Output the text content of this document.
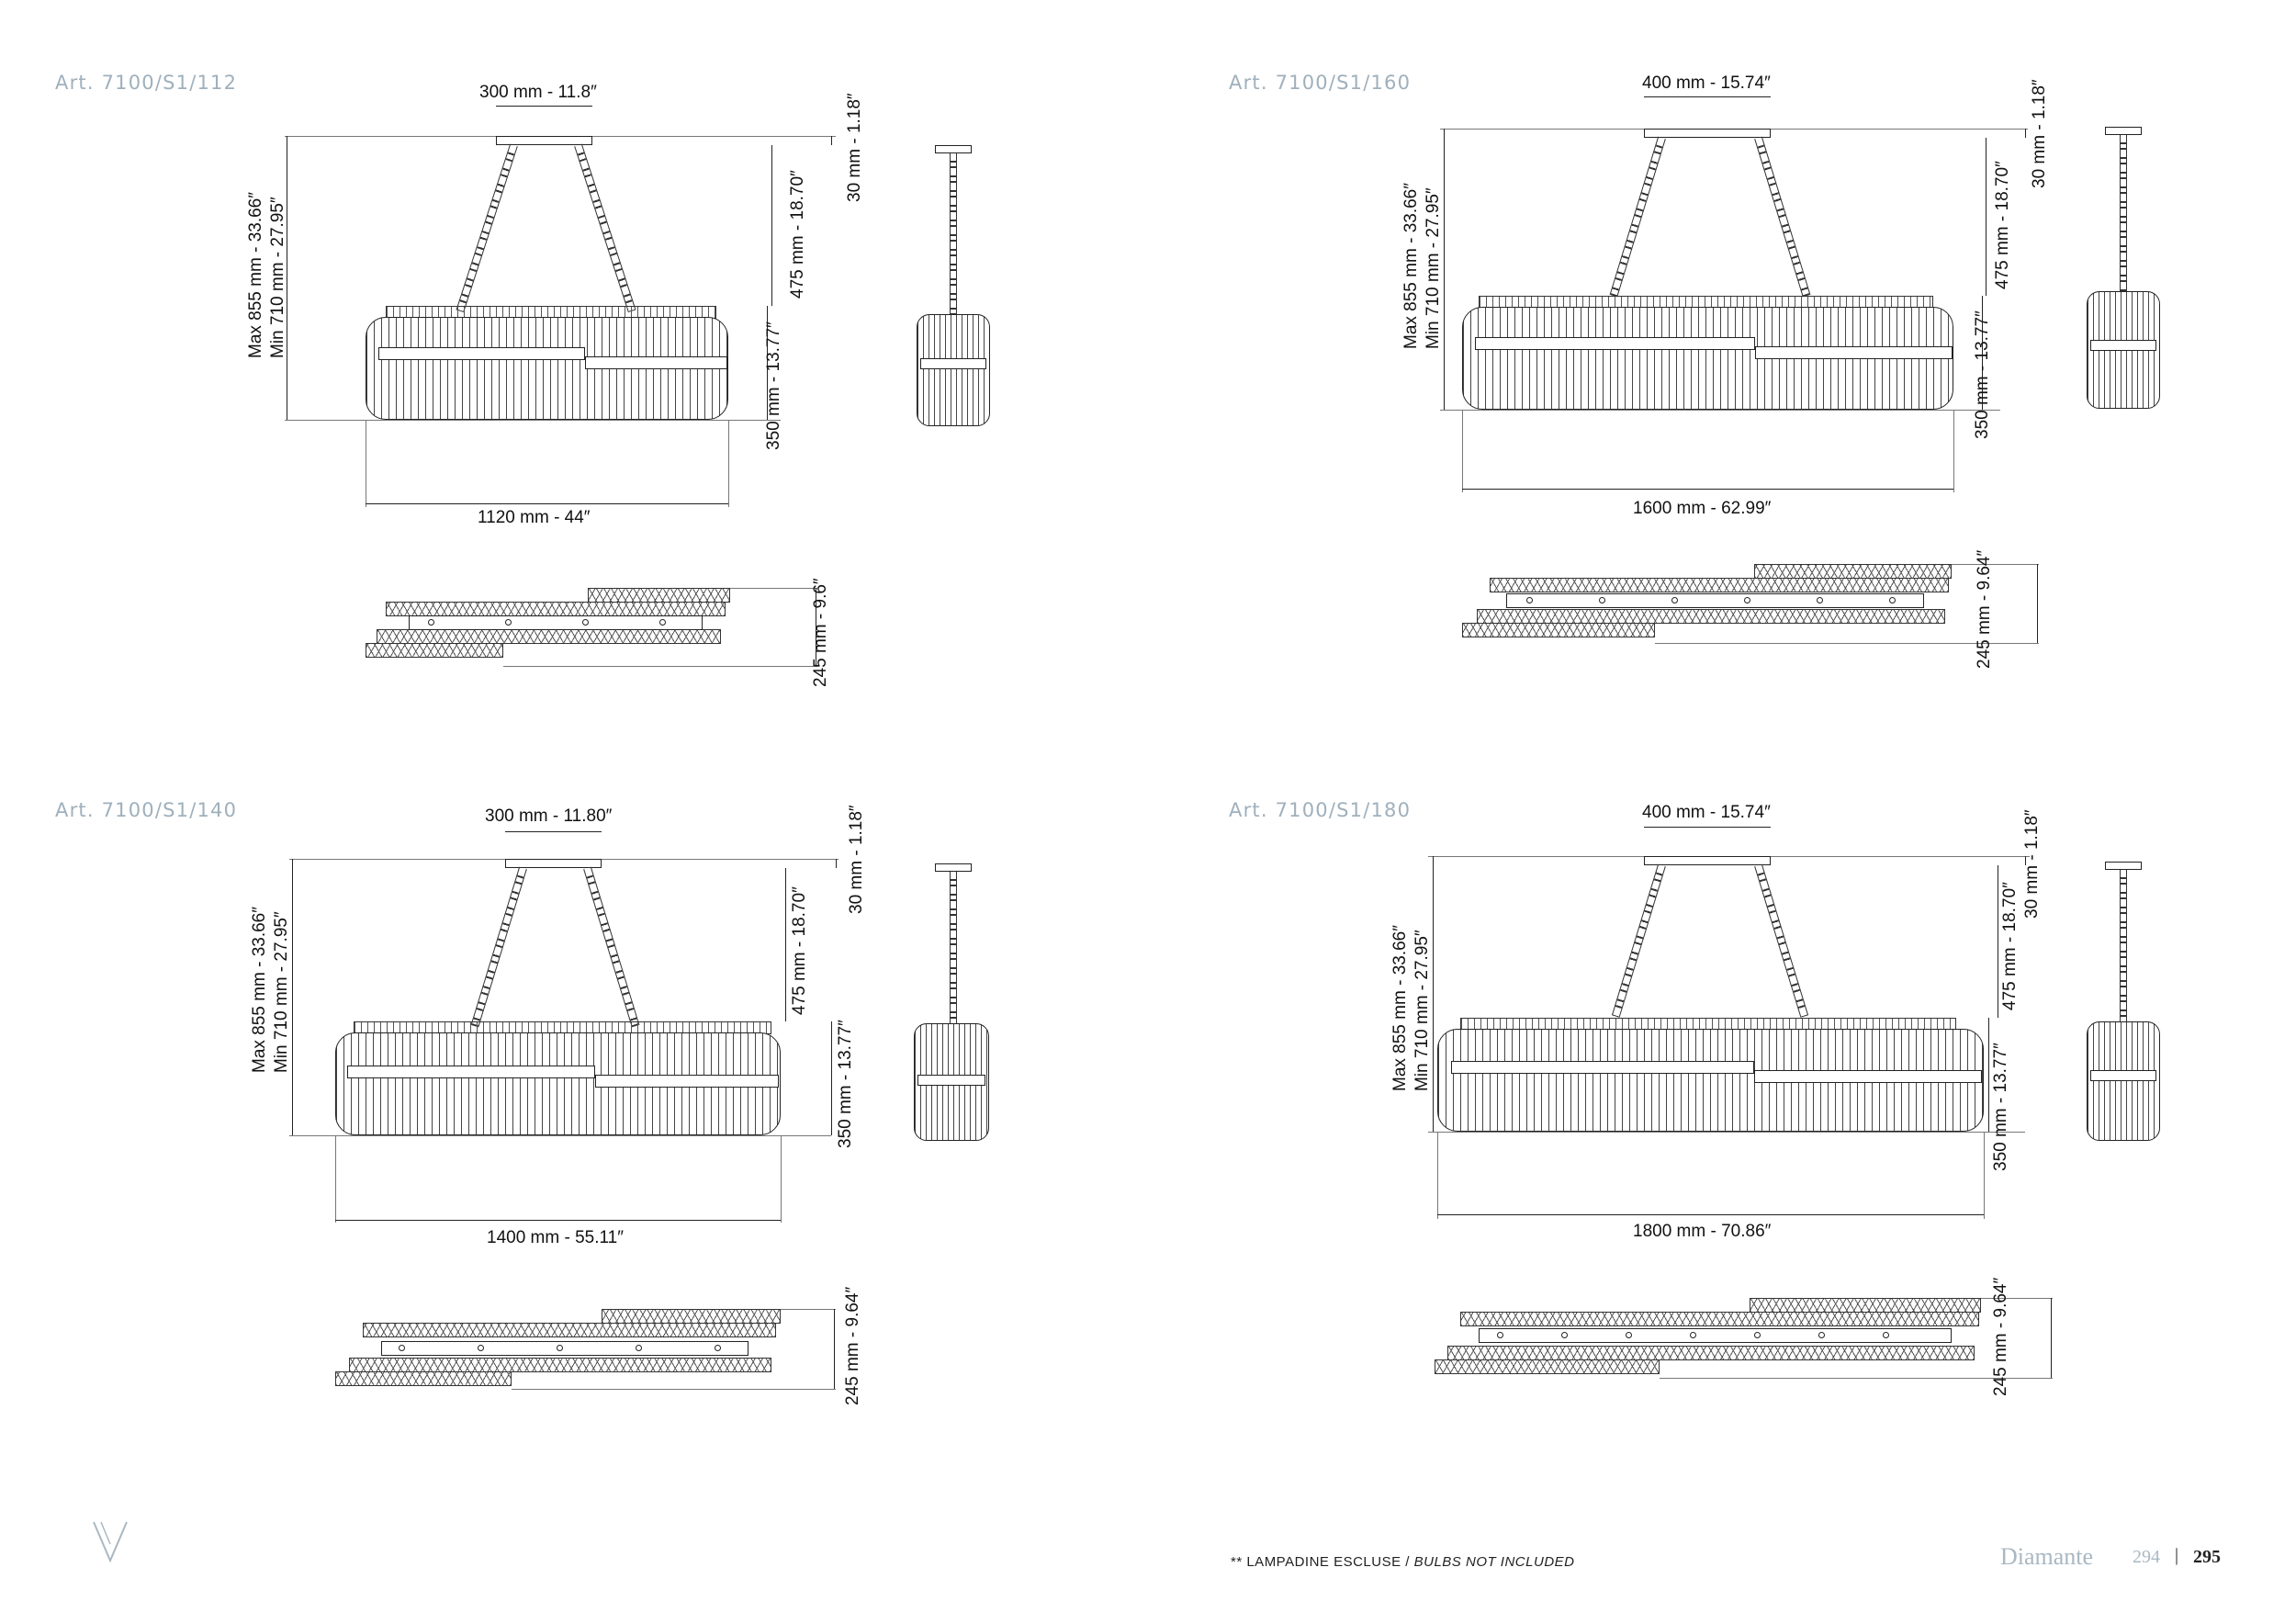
Art. 7100/S1/112	300 mm - 11.8″
Max 855 mm - 33.66″ Min 710 mm - 27.95″
30 mm - 1.18″
475 mm - 18.70″
350 mm - 13.77″
1120 mm - 44″
245 mm - 9.6″
Art. 7100/S1/160	400 mm - 15.74″
Max 855 mm - 33.66″ Min 710 mm - 27.95″
30 mm - 1.18″
475 mm - 18.70″
350 mm - 13.77″
1600 mm - 62.99″
245 mm - 9.64″
Art. 7100/S1/140	300 mm - 11.80″
Max 855 mm - 33.66″ Min 710 mm - 27.95″
30 mm - 1.18″
475 mm - 18.70″
350 mm - 13.77″
1400 mm - 55.11″
245 mm - 9.64″
Art. 7100/S1/180	400 mm - 15.74″
Max 855 mm - 33.66″ Min 710 mm - 27.95″
30 mm - 1.18″
475 mm - 18.70″
350 mm - 13.77″
1800 mm - 70.86″
245 mm - 9.64″
** LAMPADINE ESCLUSE / BULBS NOT INCLUDED	Diamante 294 | 295
